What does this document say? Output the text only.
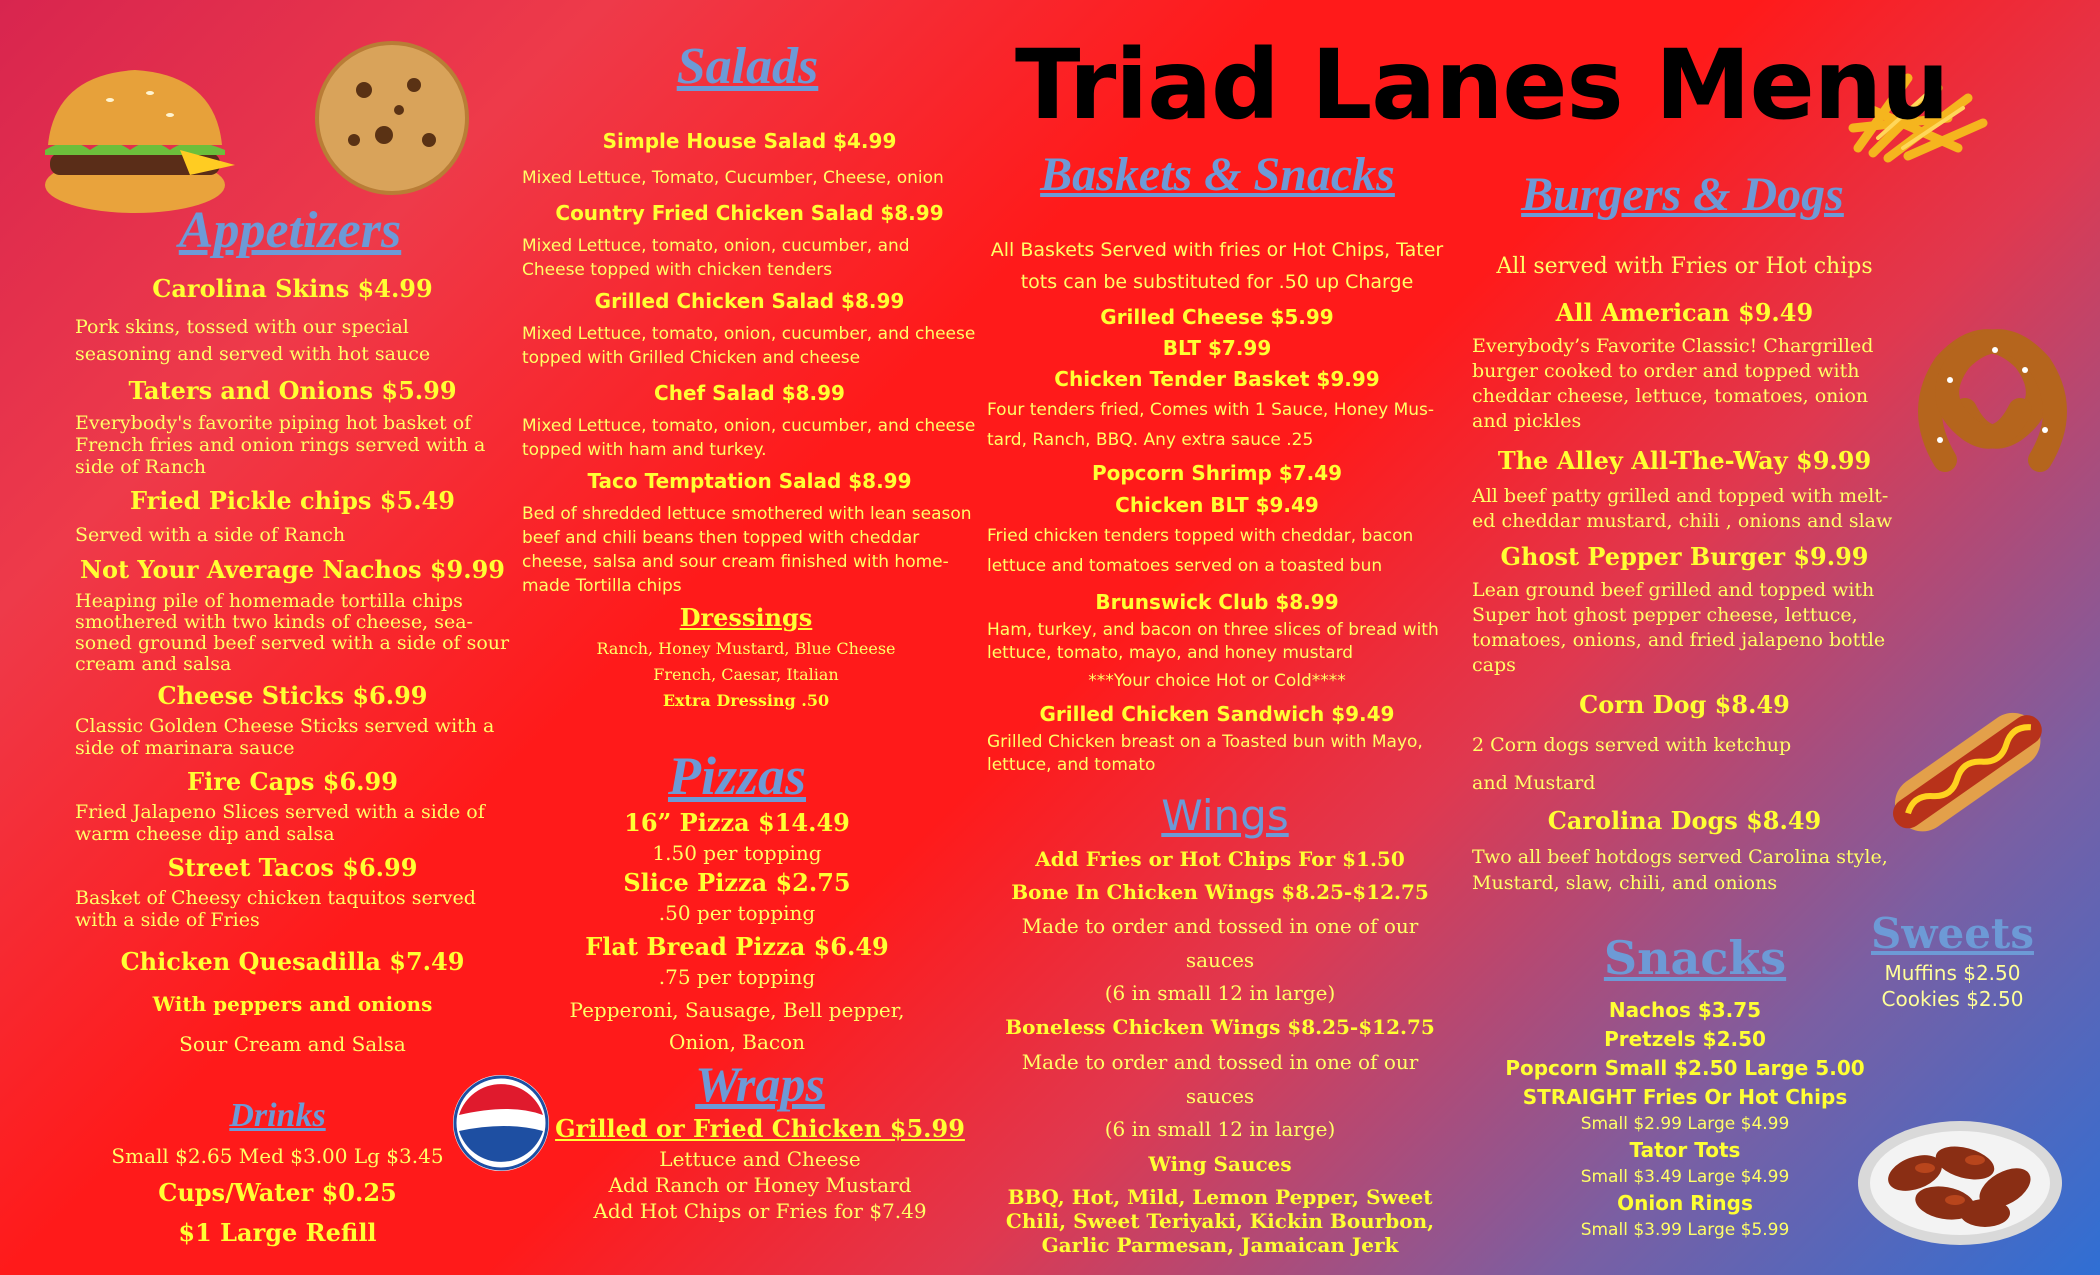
Triad Lanes Menu
Appetizers
Carolina Skins $4.99
Pork skins, tossed with our special seasoning and served with hot sauce
Taters and Onions $5.99
Everybody's favorite piping hot basket of French fries and onion rings served with a side of Ranch
Fried Pickle chips $5.49
Served with a side of Ranch
Not Your Average Nachos $9.99
Heaping pile of homemade tortilla chips smothered with two kinds of cheese, sea-soned ground beef served with a side of sour cream and salsa
Cheese Sticks $6.99
Classic Golden Cheese Sticks served with a side of marinara sauce
Fire Caps $6.99
Fried Jalapeno Slices served with a side of warm cheese dip and salsa
Street Tacos $6.99
Basket of Cheesy chicken taquitos served with a side of Fries
Chicken Quesadilla $7.49
With peppers and onions
Sour Cream and Salsa
Drinks
Small $2.65 Med $3.00 Lg $3.45
Cups/Water $0.25
$1 Large Refill
Salads
Simple House Salad $4.99
Mixed Lettuce, Tomato, Cucumber, Cheese, onion
Country Fried Chicken Salad $8.99
Mixed Lettuce, tomato, onion, cucumber, and Cheese topped with chicken tenders
Grilled Chicken Salad $8.99
Mixed Lettuce, tomato, onion, cucumber, and cheese topped with Grilled Chicken and cheese
Chef Salad $8.99
Mixed Lettuce, tomato, onion, cucumber, and cheese topped with ham and turkey.
Taco Temptation Salad $8.99
Bed of shredded lettuce smothered with lean season beef and chili beans then topped with cheddar cheese, salsa and sour cream finished with home-made Tortilla chips
Dressings
Ranch, Honey Mustard, Blue Cheese
French, Caesar, Italian
Extra Dressing .50
Pizzas
16” Pizza $14.49
1.50 per topping
Slice Pizza $2.75
.50 per topping
Flat Bread Pizza $6.49
.75 per topping
Pepperoni, Sausage, Bell pepper,
Onion, Bacon
Wraps
Grilled or Fried Chicken $5.99
Lettuce and Cheese
Add Ranch or Honey Mustard
Add Hot Chips or Fries for $7.49
Baskets & Snacks
All Baskets Served with fries or Hot Chips, Tater
tots can be substituted for .50 up Charge
Grilled Cheese $5.99
BLT $7.99
Chicken Tender Basket $9.99
Four tenders fried, Comes with 1 Sauce, Honey Mus-
tard, Ranch, BBQ. Any extra sauce .25
Popcorn Shrimp $7.49
Chicken BLT $9.49
Fried chicken tenders topped with cheddar, bacon
lettuce and tomatoes served on a toasted bun
Brunswick Club $8.99
Ham, turkey, and bacon on three slices of bread with
lettuce, tomato, mayo, and honey mustard
***Your choice Hot or Cold****
Grilled Chicken Sandwich $9.49
Grilled Chicken breast on a Toasted bun with Mayo,
lettuce, and tomato
Wings
Add Fries or Hot Chips For $1.50
Bone In Chicken Wings $8.25-$12.75
Made to order and tossed in one of our sauces
(6 in small 12 in large)
Boneless Chicken Wings $8.25-$12.75
Made to order and tossed in one of our sauces
(6 in small 12 in large)
Wing Sauces
BBQ, Hot, Mild, Lemon Pepper, Sweet
Chili, Sweet Teriyaki, Kickin Bourbon,
Garlic Parmesan, Jamaican Jerk
Burgers & Dogs
All served with Fries or Hot chips
All American $9.49
Everybody’s Favorite Classic! Chargrilled burger cooked to order and topped with cheddar cheese, lettuce, tomatoes, onion and pickles
The Alley All-The-Way $9.99
All beef patty grilled and topped with melt-ed cheddar mustard, chili , onions and slaw
Ghost Pepper Burger $9.99
Lean ground beef grilled and topped with Super hot ghost pepper cheese, lettuce, tomatoes, onions, and fried jalapeno bottle caps
Corn Dog $8.49
2 Corn dogs served with ketchup
and Mustard
Carolina Dogs $8.49
Two all beef hotdogs served Carolina style, Mustard, slaw, chili, and onions
Snacks
Nachos $3.75
Pretzels $2.50
Popcorn Small $2.50 Large 5.00
STRAIGHT Fries Or Hot Chips
Small $2.99 Large $4.99
Tator Tots
Small $3.49 Large $4.99
Onion Rings
Small $3.99 Large $5.99
Sweets
Muffins $2.50
Cookies $2.50
